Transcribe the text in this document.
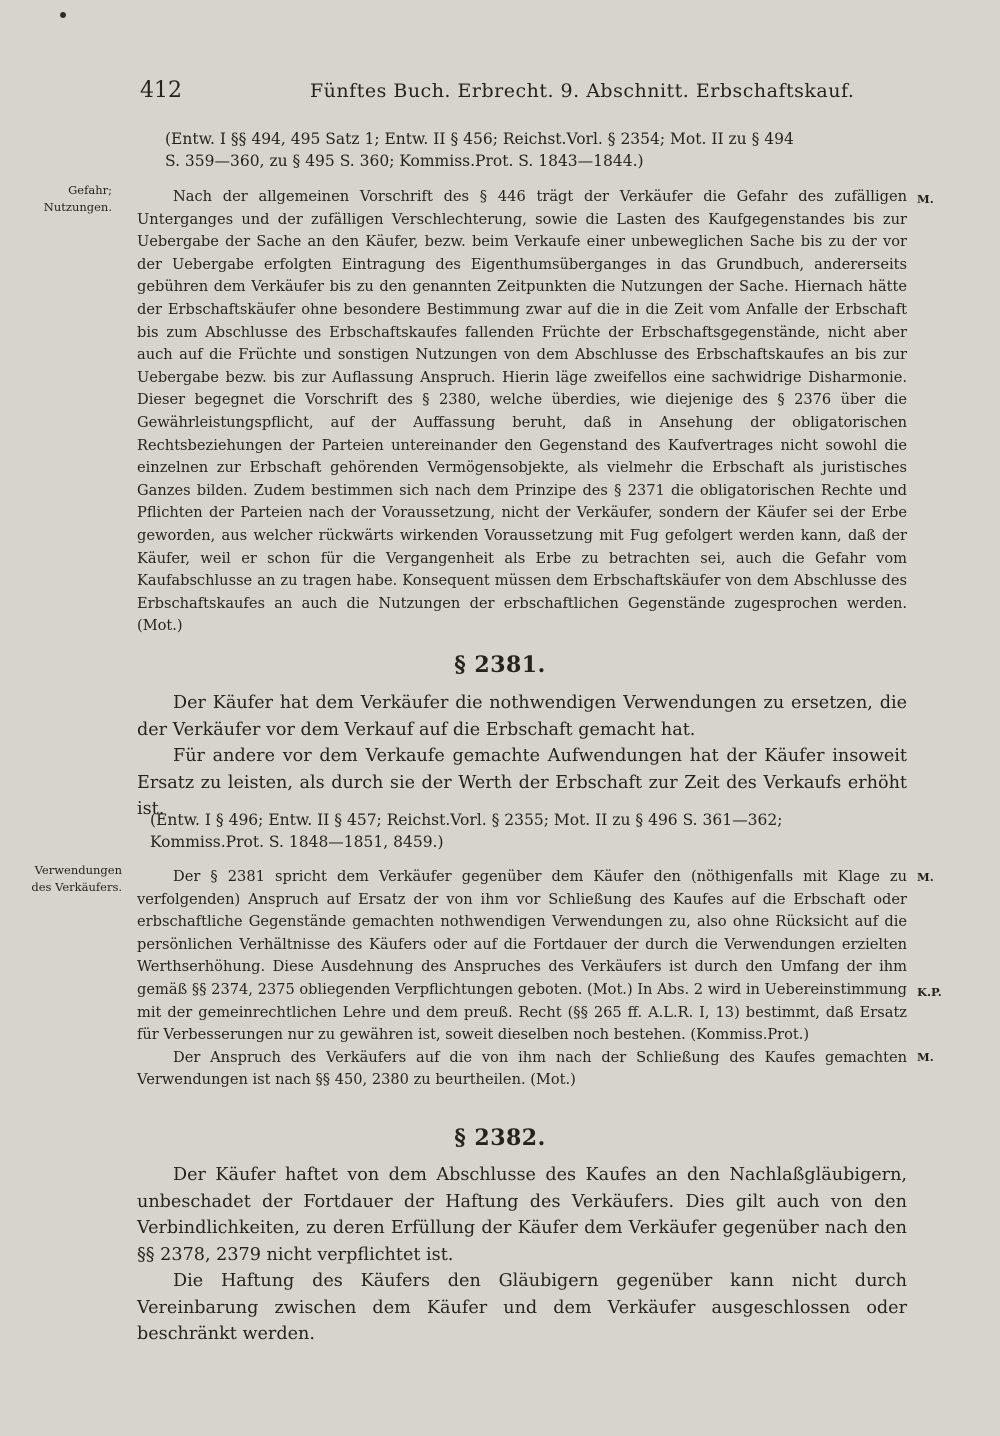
412	Fünftes Buch. Erbrecht. 9. Abschnitt. Erbschaftskauf.
(Entw. I §§ 494, 495 Satz 1; Entw. II § 456; Reichst.Vorl. § 2354; Mot. II zu § 494
S. 359—360, zu § 495 S. 360; Kommiss.Prot. S. 1843—1844.)
Gefahr;
Nutzungen.
M.
Nach der allgemeinen Vorschrift des § 446 trägt der Verkäufer die Gefahr des zufälligen Unterganges und der zufälligen Verschlechterung, sowie die Lasten des Kaufgegenstandes bis zur Uebergabe der Sache an den Käufer, bezw. beim Verkaufe einer unbeweglichen Sache bis zu der vor der Uebergabe erfolgten Eintragung des Eigenthumsüberganges in das Grundbuch, andererseits gebühren dem Verkäufer bis zu den genannten Zeitpunkten die Nutzungen der Sache. Hiernach hätte der Erbschaftskäufer ohne besondere Bestimmung zwar auf die in die Zeit vom Anfalle der Erbschaft bis zum Abschlusse des Erbschaftskaufes fallenden Früchte der Erbschaftsgegenstände, nicht aber auch auf die Früchte und sonstigen Nutzungen von dem Abschlusse des Erbschaftskaufes an bis zur Uebergabe bezw. bis zur Auflassung Anspruch. Hierin läge zweifellos eine sachwidrige Disharmonie. Dieser begegnet die Vorschrift des § 2380, welche überdies, wie diejenige des § 2376 über die Gewährleistungspflicht, auf der Auffassung beruht, daß in Ansehung der obligatorischen Rechtsbeziehungen der Parteien untereinander den Gegenstand des Kaufvertrages nicht sowohl die einzelnen zur Erbschaft gehörenden Vermögensobjekte, als vielmehr die Erbschaft als juristisches Ganzes bilden. Zudem bestimmen sich nach dem Prinzipe des § 2371 die obligatorischen Rechte und Pflichten der Parteien nach der Voraussetzung, nicht der Verkäufer, sondern der Käufer sei der Erbe geworden, aus welcher rückwärts wirkenden Voraussetzung mit Fug gefolgert werden kann, daß der Käufer, weil er schon für die Vergangenheit als Erbe zu betrachten sei, auch die Gefahr vom Kaufabschlusse an zu tragen habe. Konsequent müssen dem Erbschaftskäufer von dem Abschlusse des Erbschaftskaufes an auch die Nutzungen der erbschaftlichen Gegenstände zugesprochen werden. (Mot.)
§ 2381.

Der Käufer hat dem Verkäufer die nothwendigen Verwendungen zu ersetzen, die der Verkäufer vor dem Verkauf auf die Erbschaft gemacht hat.

Für andere vor dem Verkaufe gemachte Aufwendungen hat der Käufer insoweit Ersatz zu leisten, als durch sie der Werth der Erbschaft zur Zeit des Verkaufs erhöht ist.

(Entw. I § 496; Entw. II § 457; Reichst.Vorl. § 2355; Mot. II zu § 496 S. 361—362;
Kommiss.Prot. S. 1848—1851, 8459.)
Verwendungen
des Verkäufers.
M.
K.P.
M.

Der § 2381 spricht dem Verkäufer gegenüber dem Käufer den (nöthigenfalls mit Klage zu verfolgenden) Anspruch auf Ersatz der von ihm vor Schließung des Kaufes auf die Erbschaft oder erbschaftliche Gegenstände gemachten nothwendigen Verwendungen zu, also ohne Rücksicht auf die persönlichen Verhältnisse des Käufers oder auf die Fortdauer der durch die Verwendungen erzielten Werthserhöhung. Diese Ausdehnung des Anspruches des Verkäufers ist durch den Umfang der ihm gemäß §§ 2374, 2375 obliegenden Verpflichtungen geboten. (Mot.) In Abs. 2 wird in Uebereinstimmung mit der gemeinrechtlichen Lehre und dem preuß. Recht (§§ 265 ff. A.L.R. I, 13) bestimmt, daß Ersatz für Verbesserungen nur zu gewähren ist, soweit dieselben noch bestehen. (Kommiss.Prot.)

Der Anspruch des Verkäufers auf die von ihm nach der Schließung des Kaufes gemachten Verwendungen ist nach §§ 450, 2380 zu beurtheilen. (Mot.)

§ 2382.

Der Käufer haftet von dem Abschlusse des Kaufes an den Nachlaßgläubigern, unbeschadet der Fortdauer der Haftung des Verkäufers. Dies gilt auch von den Verbindlichkeiten, zu deren Erfüllung der Käufer dem Verkäufer gegenüber nach den §§ 2378, 2379 nicht verpflichtet ist.

Die Haftung des Käufers den Gläubigern gegenüber kann nicht durch Vereinbarung zwischen dem Käufer und dem Verkäufer ausgeschlossen oder beschränkt werden.
